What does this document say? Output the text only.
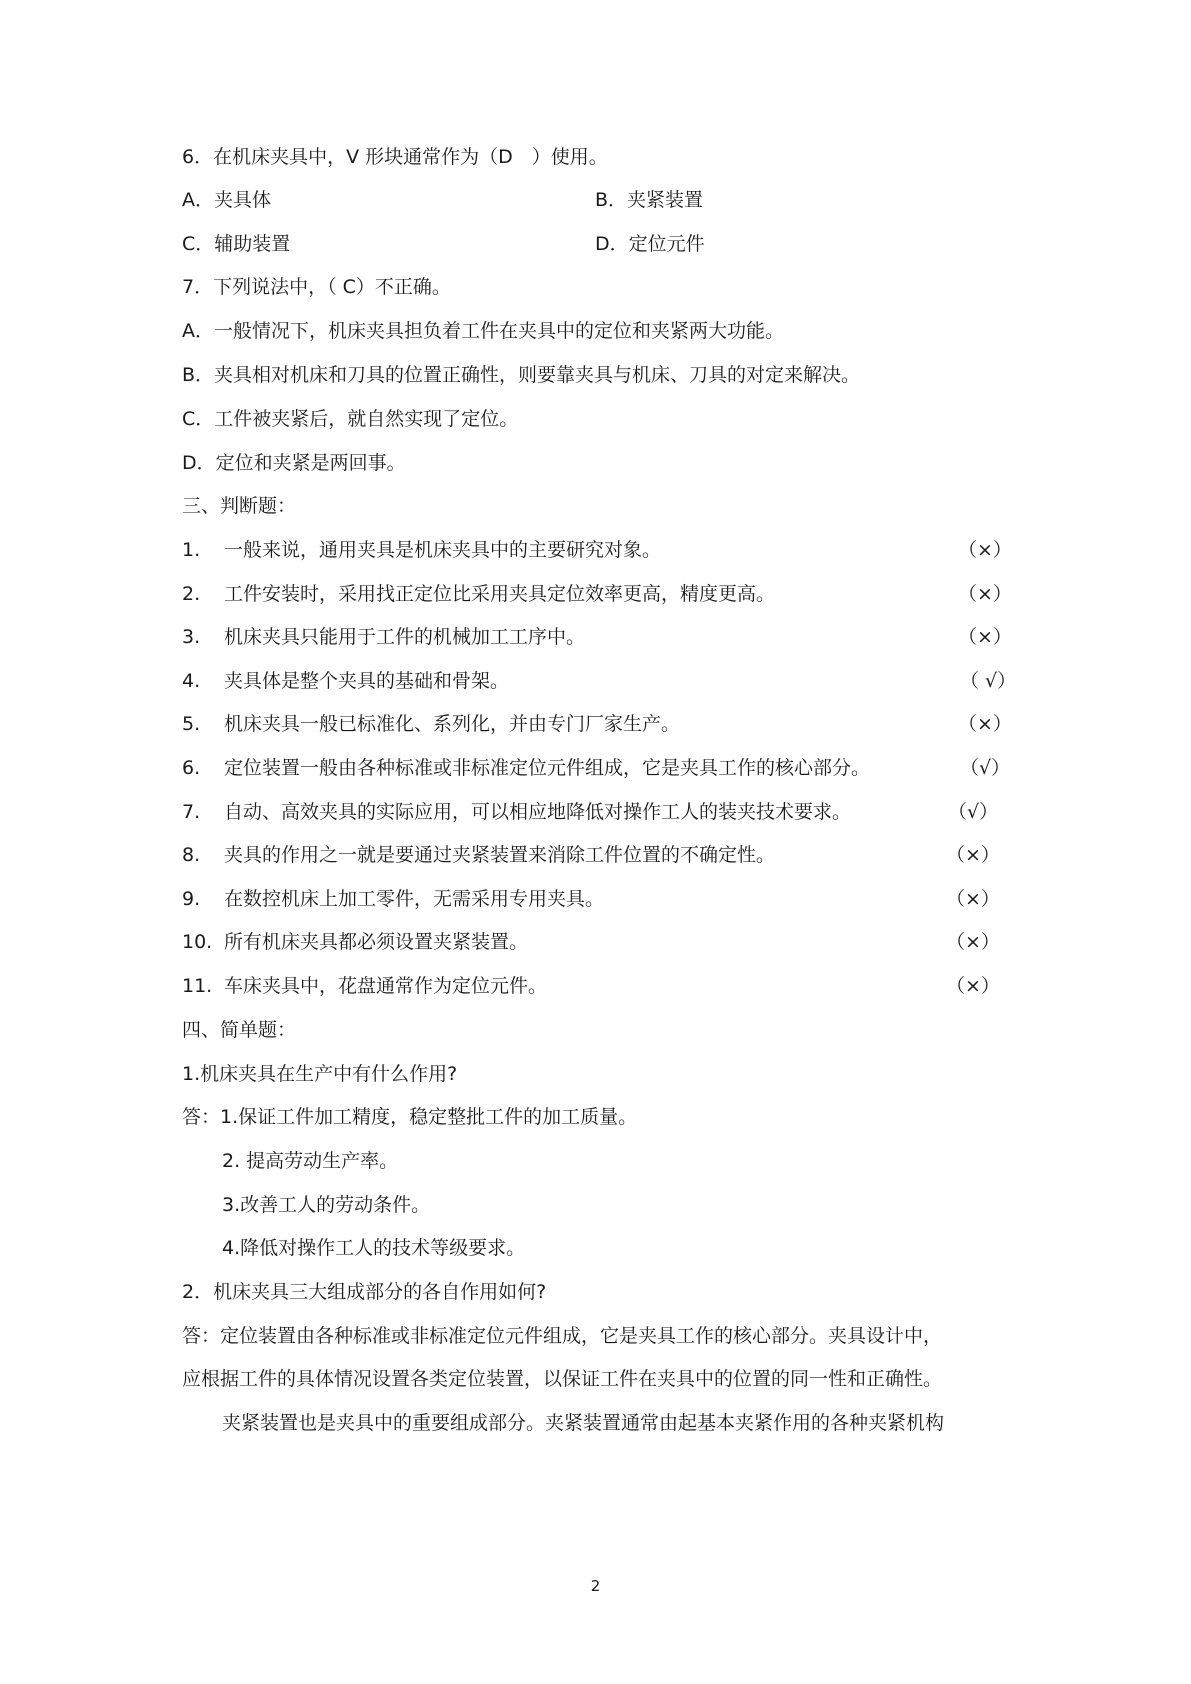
6．在机床夹具中，V 形块通常作为（D　）使用。
A．夹具体	B．夹紧装置
C．辅助装置	D．定位元件
7．下列说法中，（ C）不正确。
A．一般情况下，机床夹具担负着工件在夹具中的定位和夹紧两大功能。
B．夹具相对机床和刀具的位置正确性，则要靠夹具与机床、刀具的对定来解决。
C．工件被夹紧后，就自然实现了定位。
D．定位和夹紧是两回事。
三、判断题：
1. 一般来说，通用夹具是机床夹具中的主要研究对象。	（×）
2. 工件安装时，采用找正定位比采用夹具定位效率更高，精度更高。	（×）
3. 机床夹具只能用于工件的机械加工工序中。	（×）
4. 夹具体是整个夹具的基础和骨架。	（ √）
5. 机床夹具一般已标准化、系列化，并由专门厂家生产。	（×）
6. 定位装置一般由各种标准或非标准定位元件组成，它是夹具工作的核心部分。	（√）
7. 自动、高效夹具的实际应用，可以相应地降低对操作工人的装夹技术要求。	（√）
8. 夹具的作用之一就是要通过夹紧装置来消除工件位置的不确定性。	（×）
9. 在数控机床上加工零件，无需采用专用夹具。	（×）
10. 所有机床夹具都必须设置夹紧装置。	（×）
11. 车床夹具中，花盘通常作为定位元件。	（×）
四、简单题：
1.机床夹具在生产中有什么作用?
答：1.保证工件加工精度，稳定整批工件的加工质量。
2. 提高劳动生产率。
3.改善工人的劳动条件。
4.降低对操作工人的技术等级要求。
2．机床夹具三大组成部分的各自作用如何?
答：定位装置由各种标准或非标准定位元件组成，它是夹具工作的核心部分。夹具设计中，
应根据工件的具体情况设置各类定位装置，以保证工件在夹具中的位置的同一性和正确性。
夹紧装置也是夹具中的重要组成部分。夹紧装置通常由起基本夹紧作用的各种夹紧机构
2
